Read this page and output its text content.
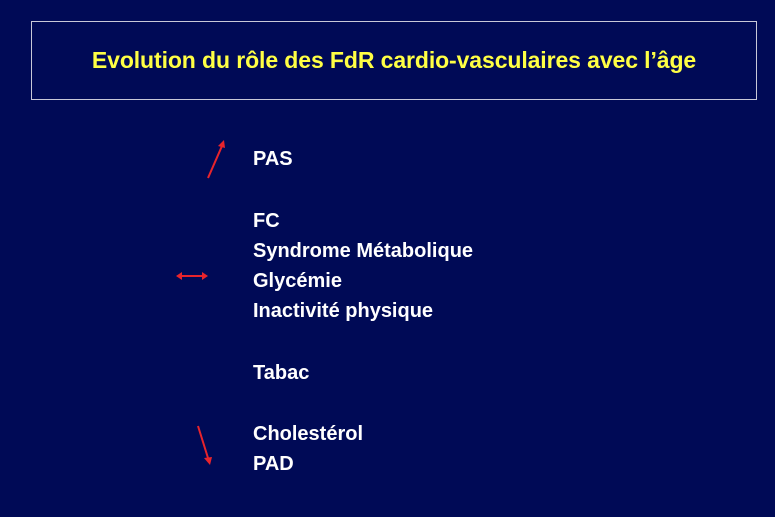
Evolution du rôle des FdR cardio-vasculaires avec l’âge
PAS
FC
Syndrome Métabolique
Glycémie
Inactivité physique
Tabac
Cholestérol
PAD
